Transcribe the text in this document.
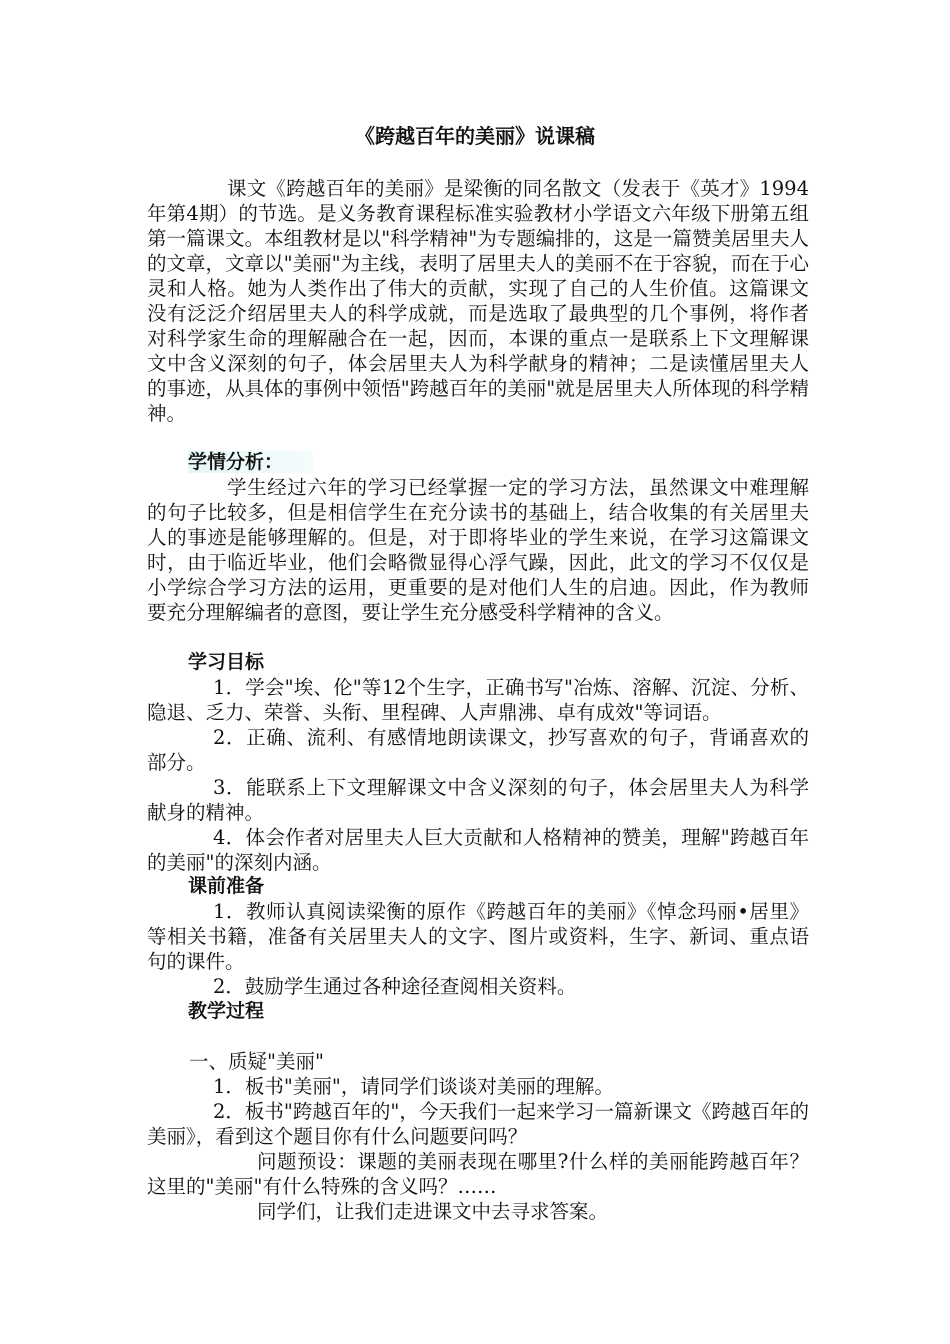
《跨越百年的美丽》说课稿
课文《跨越百年的美丽》是梁衡的同名散文（发表于《英才》1994年第4期）的节选。是义务教育课程标准实验教材小学语文六年级下册第五组第一篇课文。本组教材是以"科学精神"为专题编排的，这是一篇赞美居里夫人的文章，文章以"美丽"为主线，表明了居里夫人的美丽不在于容貌，而在于心灵和人格。她为人类作出了伟大的贡献，实现了自己的人生价值。这篇课文没有泛泛介绍居里夫人的科学成就，而是选取了最典型的几个事例，将作者对科学家生命的理解融合在一起，因而，本课的重点一是联系上下文理解课文中含义深刻的句子，体会居里夫人为科学献身的精神；二是读懂居里夫人的事迹，从具体的事例中领悟"跨越百年的美丽"就是居里夫人所体现的科学精神。
学情分析：
学生经过六年的学习已经掌握一定的学习方法，虽然课文中难理解的句子比较多，但是相信学生在充分读书的基础上，结合收集的有关居里夫人的事迹是能够理解的。但是，对于即将毕业的学生来说，在学习这篇课文时，由于临近毕业，他们会略微显得心浮气躁，因此，此文的学习不仅仅是小学综合学习方法的运用，更重要的是对他们人生的启迪。因此，作为教师要充分理解编者的意图，要让学生充分感受科学精神的含义。
学习目标
1．学会"埃、伦"等12个生字，正确书写"冶炼、溶解、沉淀、分析、隐退、乏力、荣誉、头衔、里程碑、人声鼎沸、卓有成效"等词语。
2．正确、流利、有感情地朗读课文，抄写喜欢的句子，背诵喜欢的部分。
3．能联系上下文理解课文中含义深刻的句子，体会居里夫人为科学献身的精神。
4．体会作者对居里夫人巨大贡献和人格精神的赞美，理解"跨越百年的美丽"的深刻内涵。
课前准备
1．教师认真阅读梁衡的原作《跨越百年的美丽》《悼念玛丽•居里》等相关书籍，准备有关居里夫人的文字、图片或资料，生字、新词、重点语句的课件。
2．鼓励学生通过各种途径查阅相关资料。
教学过程
一、质疑"美丽"
1．板书"美丽"，请同学们谈谈对美丽的理解。
2．板书"跨越百年的"，今天我们一起来学习一篇新课文《跨越百年的美丽》，看到这个题目你有什么问题要问吗？
问题预设：课题的美丽表现在哪里?什么样的美丽能跨越百年？这里的"美丽"有什么特殊的含义吗？……
同学们，让我们走进课文中去寻求答案。
